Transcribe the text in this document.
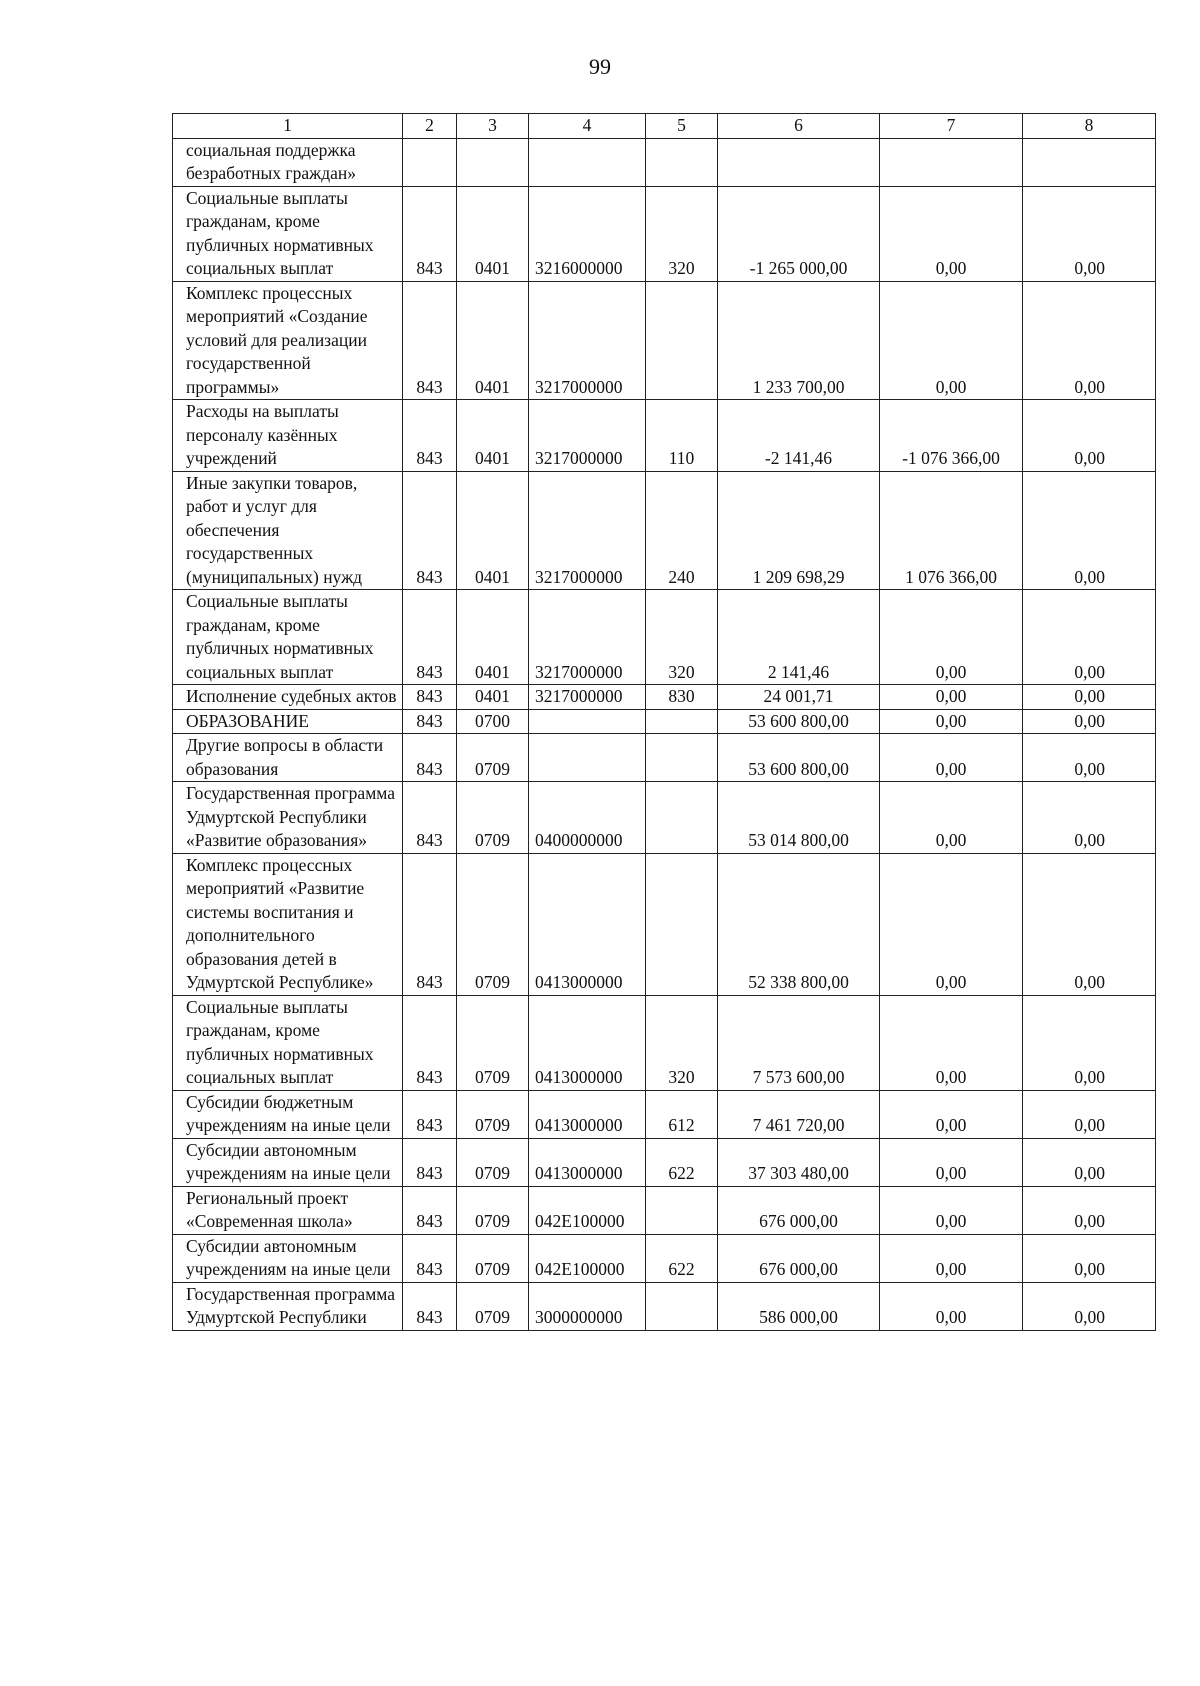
99
1	2	3	4	5	6	7	8
социальная поддержка безработных граждан»							
Социальные выплаты гражданам, кроме публичных нормативных социальных выплат	843	0401	3216000000	320	-1 265 000,00	0,00	0,00
Комплекс процессных мероприятий «Создание условий для реализации государственной программы»	843	0401	3217000000		1 233 700,00	0,00	0,00
Расходы на выплаты персоналу казённых учреждений	843	0401	3217000000	110	-2 141,46	-1 076 366,00	0,00
Иные закупки товаров, работ и услуг для обеспечения государственных (муниципальных) нужд	843	0401	3217000000	240	1 209 698,29	1 076 366,00	0,00
Социальные выплаты гражданам, кроме публичных нормативных социальных выплат	843	0401	3217000000	320	2 141,46	0,00	0,00
Исполнение судебных актов	843	0401	3217000000	830	24 001,71	0,00	0,00
ОБРАЗОВАНИЕ	843	0700			53 600 800,00	0,00	0,00
Другие вопросы в области образования	843	0709			53 600 800,00	0,00	0,00
Государственная программа Удмуртской Республики «Развитие образования»	843	0709	0400000000		53 014 800,00	0,00	0,00
Комплекс процессных мероприятий «Развитие системы воспитания и дополнительного образования детей в Удмуртской Республике»	843	0709	0413000000		52 338 800,00	0,00	0,00
Социальные выплаты гражданам, кроме публичных нормативных социальных выплат	843	0709	0413000000	320	7 573 600,00	0,00	0,00
Субсидии бюджетным учреждениям на иные цели	843	0709	0413000000	612	7 461 720,00	0,00	0,00
Субсидии автономным учреждениям на иные цели	843	0709	0413000000	622	37 303 480,00	0,00	0,00
Региональный проект «Современная школа»	843	0709	042E100000		676 000,00	0,00	0,00
Субсидии автономным учреждениям на иные цели	843	0709	042E100000	622	676 000,00	0,00	0,00
Государственная программа Удмуртской Республики	843	0709	3000000000		586 000,00	0,00	0,00
